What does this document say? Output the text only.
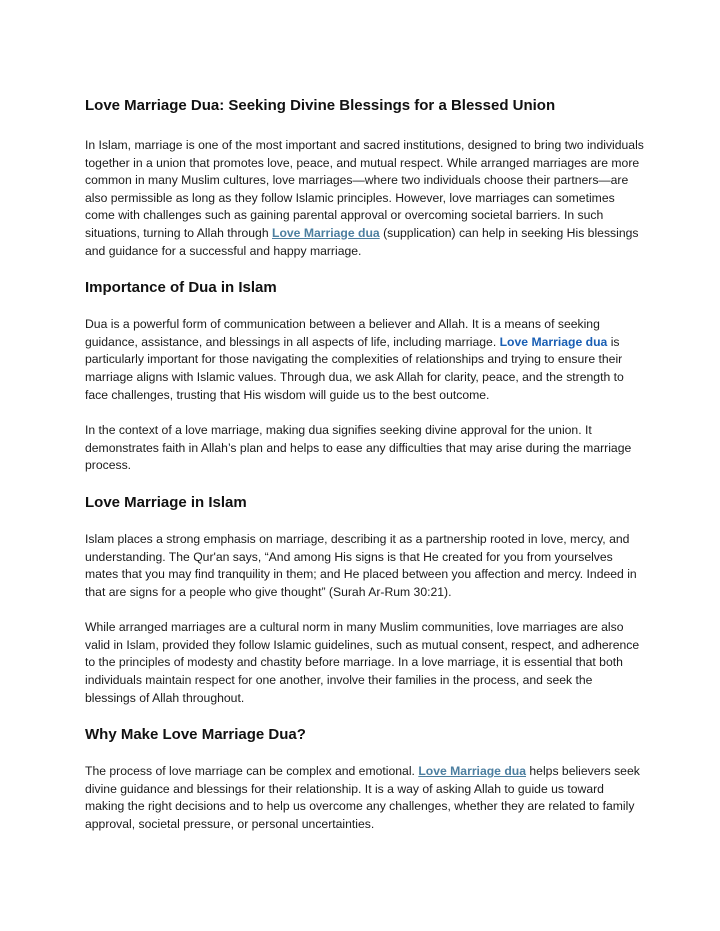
Love Marriage Dua: Seeking Divine Blessings for a Blessed Union

In Islam, marriage is one of the most important and sacred institutions, designed to bring two individuals together in a union that promotes love, peace, and mutual respect. While arranged marriages are more common in many Muslim cultures, love marriages—where two individuals choose their partners—are also permissible as long as they follow Islamic principles. However, love marriages can sometimes come with challenges such as gaining parental approval or overcoming societal barriers. In such situations, turning to Allah through Love Marriage dua (supplication) can help in seeking His blessings and guidance for a successful and happy marriage.

Importance of Dua in Islam

Dua is a powerful form of communication between a believer and Allah. It is a means of seeking guidance, assistance, and blessings in all aspects of life, including marriage. Love Marriage dua is particularly important for those navigating the complexities of relationships and trying to ensure their marriage aligns with Islamic values. Through dua, we ask Allah for clarity, peace, and the strength to face challenges, trusting that His wisdom will guide us to the best outcome.

In the context of a love marriage, making dua signifies seeking divine approval for the union. It demonstrates faith in Allah’s plan and helps to ease any difficulties that may arise during the marriage process.

Love Marriage in Islam

Islam places a strong emphasis on marriage, describing it as a partnership rooted in love, mercy, and understanding. The Qur'an says, “And among His signs is that He created for you from yourselves mates that you may find tranquility in them; and He placed between you affection and mercy. Indeed in that are signs for a people who give thought” (Surah Ar-Rum 30:21).

While arranged marriages are a cultural norm in many Muslim communities, love marriages are also valid in Islam, provided they follow Islamic guidelines, such as mutual consent, respect, and adherence to the principles of modesty and chastity before marriage. In a love marriage, it is essential that both individuals maintain respect for one another, involve their families in the process, and seek the blessings of Allah throughout.

Why Make Love Marriage Dua?

The process of love marriage can be complex and emotional. Love Marriage dua helps believers seek divine guidance and blessings for their relationship. It is a way of asking Allah to guide us toward making the right decisions and to help us overcome any challenges, whether they are related to family approval, societal pressure, or personal uncertainties.
